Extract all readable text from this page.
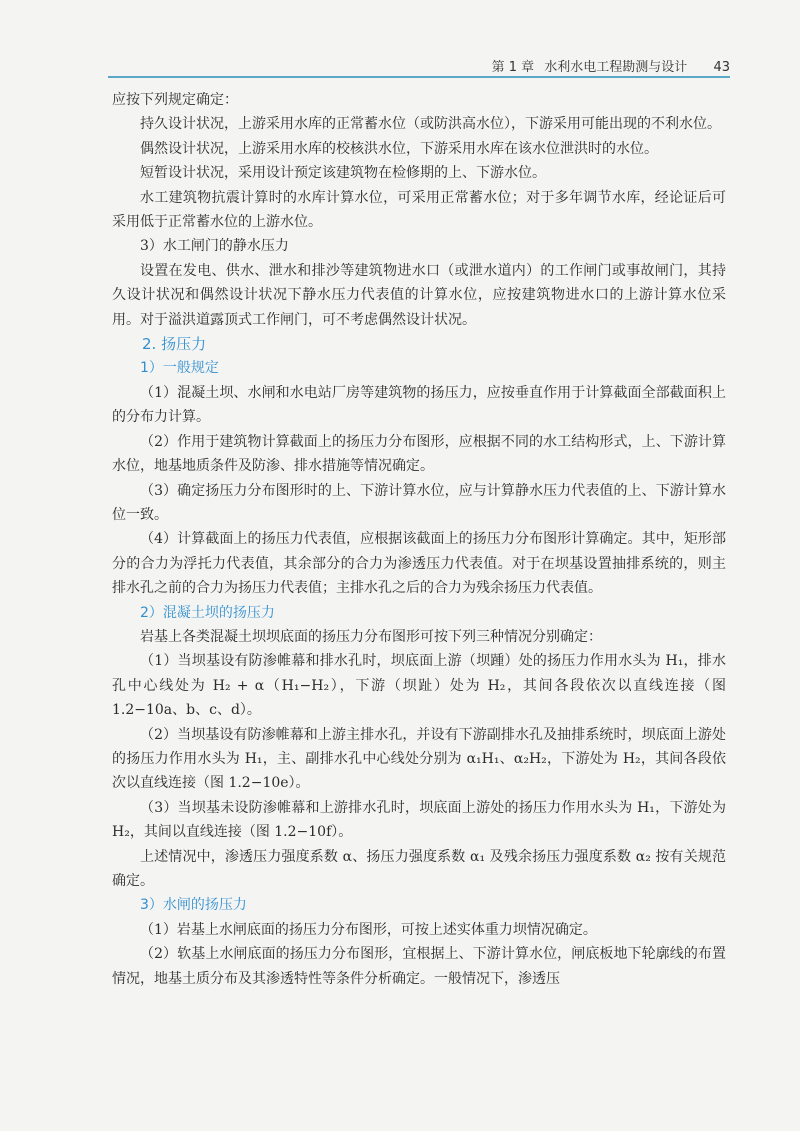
第 1 章 水利水电工程勘测与设计 43

应按下列规定确定：

持久设计状况，上游采用水库的正常蓄水位（或防洪高水位），下游采用可能出现的不利水位。

偶然设计状况，上游采用水库的校核洪水位，下游采用水库在该水位泄洪时的水位。

短暂设计状况，采用设计预定该建筑物在检修期的上、下游水位。

水工建筑物抗震计算时的水库计算水位，可采用正常蓄水位；对于多年调节水库，经论证后可采用低于正常蓄水位的上游水位。

3）水工闸门的静水压力

设置在发电、供水、泄水和排沙等建筑物进水口（或泄水道内）的工作闸门或事故闸门，其持久设计状况和偶然设计状况下静水压力代表值的计算水位，应按建筑物进水口的上游计算水位采用。对于溢洪道露顶式工作闸门，可不考虑偶然设计状况。

2. 扬压力

1）一般规定

（1）混凝土坝、水闸和水电站厂房等建筑物的扬压力，应按垂直作用于计算截面全部截面积上的分布力计算。

（2）作用于建筑物计算截面上的扬压力分布图形，应根据不同的水工结构形式，上、下游计算水位，地基地质条件及防渗、排水措施等情况确定。

（3）确定扬压力分布图形时的上、下游计算水位，应与计算静水压力代表值的上、下游计算水位一致。

（4）计算截面上的扬压力代表值，应根据该截面上的扬压力分布图形计算确定。其中，矩形部分的合力为浮托力代表值，其余部分的合力为渗透压力代表值。对于在坝基设置抽排系统的，则主排水孔之前的合力为扬压力代表值；主排水孔之后的合力为残余扬压力代表值。

2）混凝土坝的扬压力

岩基上各类混凝土坝坝底面的扬压力分布图形可按下列三种情况分别确定：

（1）当坝基设有防渗帷幕和排水孔时，坝底面上游（坝踵）处的扬压力作用水头为 H₁，排水孔中心线处为 H₂ + α（H₁−H₂），下游（坝趾）处为 H₂，其间各段依次以直线连接（图 1.2−10a、b、c、d）。

（2）当坝基设有防渗帷幕和上游主排水孔，并设有下游副排水孔及抽排系统时，坝底面上游处的扬压力作用水头为 H₁，主、副排水孔中心线处分别为 α₁H₁、α₂H₂，下游处为 H₂，其间各段依次以直线连接（图 1.2−10e）。

（3）当坝基未设防渗帷幕和上游排水孔时，坝底面上游处的扬压力作用水头为 H₁，下游处为 H₂，其间以直线连接（图 1.2−10f）。

上述情况中，渗透压力强度系数 α、扬压力强度系数 α₁ 及残余扬压力强度系数 α₂ 按有关规范确定。

3）水闸的扬压力

（1）岩基上水闸底面的扬压力分布图形，可按上述实体重力坝情况确定。

（2）软基上水闸底面的扬压力分布图形，宜根据上、下游计算水位，闸底板地下轮廓线的布置情况，地基土质分布及其渗透特性等条件分析确定。一般情况下，渗透压
